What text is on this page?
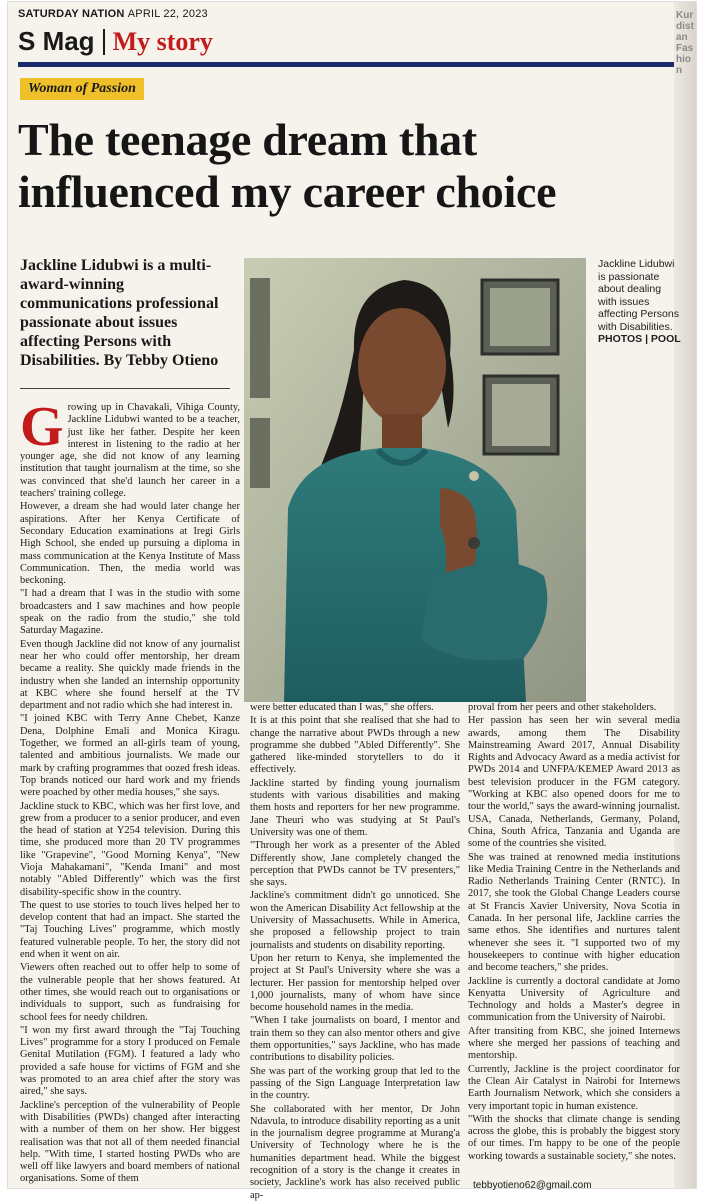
Kurdistan Fashion
SATURDAY NATION APRIL 22, 2023
S Mag My story
Woman of Passion
The teenage dream that influenced my career choice
Jackline Lidubwi is a multi-award-winning communications professional passionate about issues affecting Persons with Disabilities. By Tebby Otieno
Jackline Lidubwi is passionate about dealing with issues affecting Persons with Disabilities.
PHOTOS | POOL
G rowing up in Chavakali, Vihiga County, Jackline Lidubwi wanted to be a teacher, just like her father. Despite her keen interest in listening to the radio at her younger age, she did not know of any learning institution that taught journalism at the time, so she was convinced that she'd launch her career in a teachers' training college.

However, a dream she had would later change her aspirations. After her Kenya Certificate of Secondary Education examinations at Iregi Girls High School, she ended up pursuing a diploma in mass communication at the Kenya Institute of Mass Communication. Then, the media world was beckoning.

"I had a dream that I was in the studio with some broadcasters and I saw machines and how people speak on the radio from the studio," she told Saturday Magazine.

Even though Jackline did not know of any journalist near her who could offer mentorship, her dream became a reality. She quickly made friends in the industry when she landed an internship opportunity at KBC where she found herself at the TV department and not radio which she had interest in.

"I joined KBC with Terry Anne Chebet, Kanze Dena, Dolphine Emali and Monica Kiragu. Together, we formed an all-girls team of young, talented and ambitious journalists. We made our mark by crafting programmes that oozed fresh ideas. Top brands noticed our hard work and my friends were poached by other media houses," she says.

Jackline stuck to KBC, which was her first love, and grew from a producer to a senior producer, and even the head of station at Y254 television. During this time, she produced more than 20 TV programmes like "Grapevine", "Good Morning Kenya", "New Vioja Mahakamani", "Kenda Imani" and most notably "Abled Differently" which was the first disability-specific show in the country.

The quest to use stories to touch lives helped her to develop content that had an impact. She started the "Taj Touching Lives" programme, which mostly featured vulnerable people. To her, the story did not end when it went on air.

Viewers often reached out to offer help to some of the vulnerable people that her shows featured. At other times, she would reach out to organisations or individuals to support, such as fundraising for school fees for needy children.

"I won my first award through the "Taj Touching Lives" programme for a story I produced on Female Genital Mutilation (FGM). I featured a lady who provided a safe house for victims of FGM and she was promoted to an area chief after the story was aired," she says.

Jackline's perception of the vulnerability of People with Disabilities (PWDs) changed after interacting with a number of them on her show. Her biggest realisation was that not all of them needed financial help. "With time, I started hosting PWDs who are well off like lawyers and board members of national organisations. Some of them

were better educated than I was," she offers.

It is at this point that she realised that she had to change the narrative about PWDs through a new programme she dubbed "Abled Differently". She gathered like-minded storytellers to do it effectively.

Jackline started by finding young journalism students with various disabilities and making them hosts and reporters for her new programme. Jane Theuri who was studying at St Paul's University was one of them.

"Through her work as a presenter of the Abled Differently show, Jane completely changed the perception that PWDs cannot be TV presenters," she says.

Jackline's commitment didn't go unnoticed. She won the American Disability Act fellowship at the University of Massachusetts. While in America, she proposed a fellowship project to train journalists and students on disability reporting.

Upon her return to Kenya, she implemented the project at St Paul's University where she was a lecturer. Her passion for mentorship helped over 1,000 journalists, many of whom have since become household names in the media.

"When I take journalists on board, I mentor and train them so they can also mentor others and give them opportunities," says Jackline, who has made contributions to disability policies.

She was part of the working group that led to the passing of the Sign Language Interpretation law in the country.

She collaborated with her mentor, Dr John Ndavula, to introduce disability reporting as a unit in the journalism degree programme at Murang'a University of Technology where he is the humanities department head. While the biggest recognition of a story is the change it creates in society, Jackline's work has also received public ap-

proval from her peers and other stakeholders.

Her passion has seen her win several media awards, among them The Disability Mainstreaming Award 2017, Annual Disability Rights and Advocacy Award as a media activist for PWDs 2014 and UNFPA/KEMEP Award 2013 as best television producer in the FGM category. "Working at KBC also opened doors for me to tour the world," says the award-winning journalist. USA, Canada, Netherlands, Germany, Poland, China, South Africa, Tanzania and Uganda are some of the countries she visited.

She was trained at renowned media institutions like Media Training Centre in the Netherlands and Radio Netherlands Training Center (RNTC). In 2017, she took the Global Change Leaders course at St Francis Xavier University, Nova Scotia in Canada. In her personal life, Jackline carries the same ethos. She identifies and nurtures talent whenever she sees it. "I supported two of my housekeepers to continue with higher education and become teachers," she prides.

Jackline is currently a doctoral candidate at Jomo Kenyatta University of Agriculture and Technology and holds a Master's degree in communication from the University of Nairobi.

After transiting from KBC, she joined Internews where she merged her passions of teaching and mentorship.

Currently, Jackline is the project coordinator for the Clean Air Catalyst in Nairobi for Internews Earth Journalism Network, which she considers a very important topic in human existence.

"With the shocks that climate change is sending across the globe, this is probably the biggest story of our times. I'm happy to be one of the people working towards a sustainable society," she notes.

tebbyotieno62@gmail.com
